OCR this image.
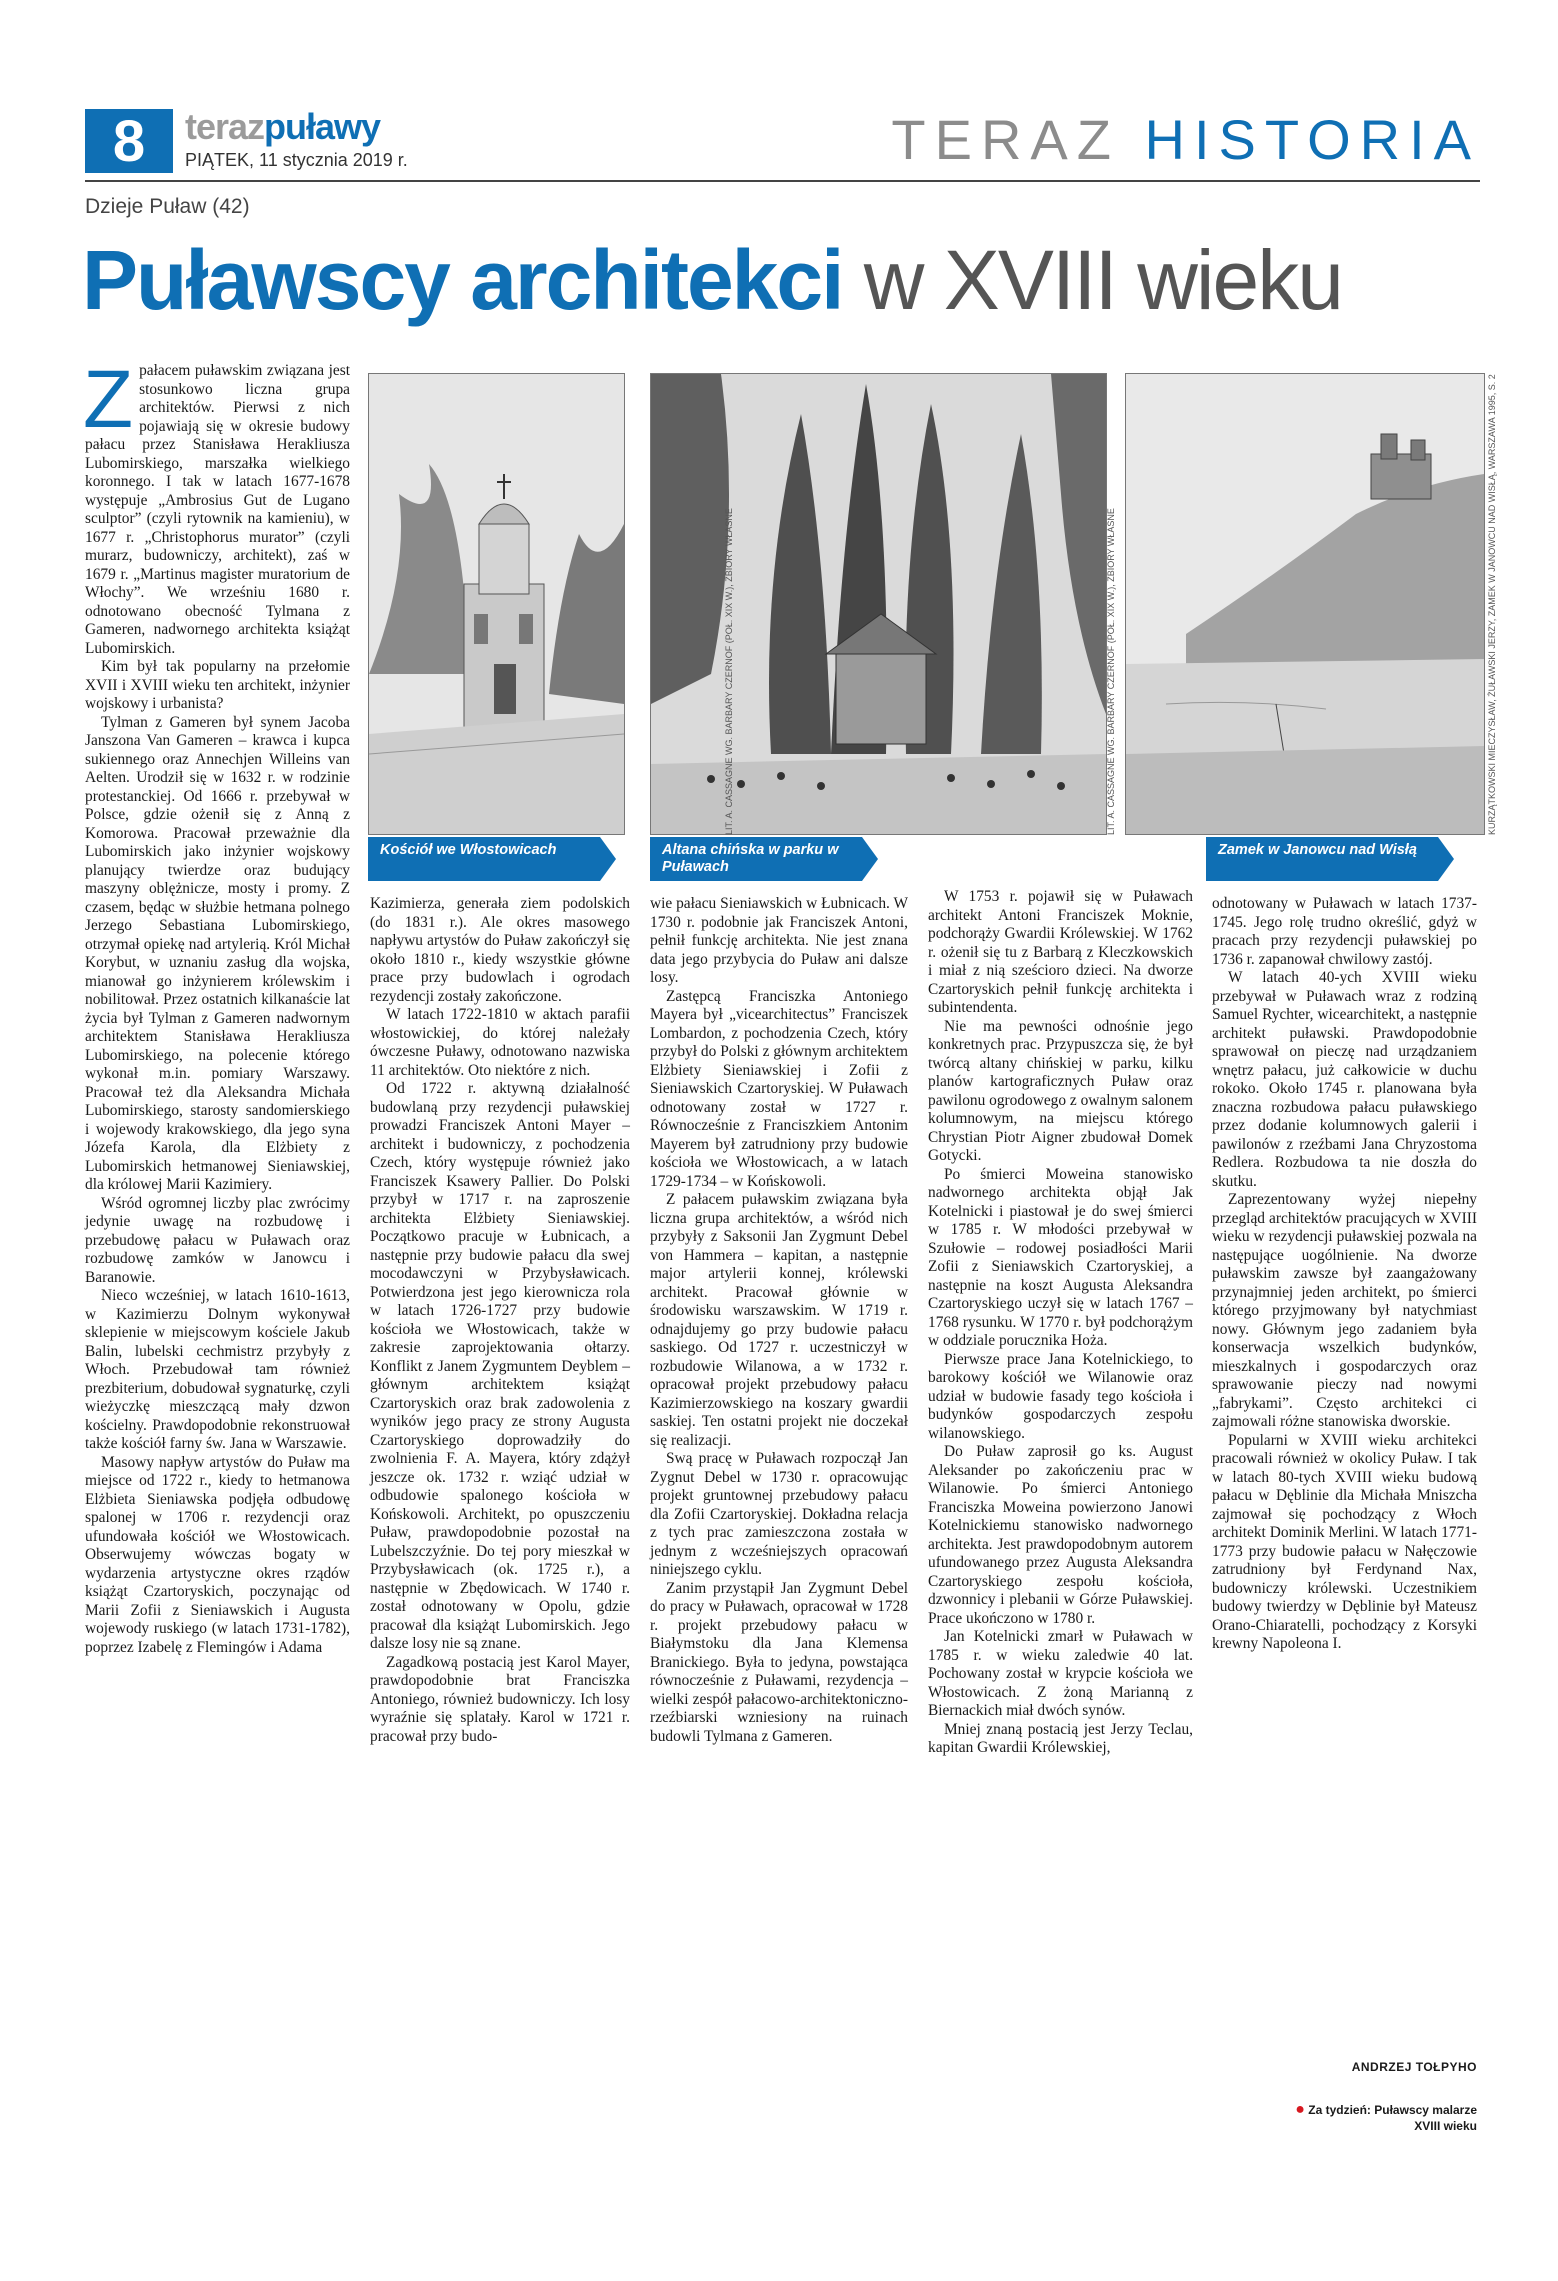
8	terazpuławy
PIĄTEK, 11 stycznia 2019 r.	TERAZ HISTORIA
Dzieje Puław (42)
Puławscy architekci w XVIII wieku
Z pałacem puławskim związana jest stosunkowo liczna grupa architektów. Pierwsi z nich pojawiają się w okresie budowy pałacu przez Stanisława Herakliusza Lubomirskiego, marszałka wielkiego koronnego. I tak w latach 1677-1678 występuje „Ambrosius Gut de Lugano sculptor” (czyli rytownik na kamieniu), w 1677 r. „Christophorus murator” (czyli murarz, budowniczy, architekt), zaś w 1679 r. „Martinus magister muratorium de Włochy”. We wrześniu 1680 r. odnotowano obecność Tylmana z Gameren, nadwornego architekta książąt Lubomirskich.

Kim był tak popularny na przełomie XVII i XVIII wieku ten architekt, inżynier wojskowy i urbanista?

Tylman z Gameren był synem Jacoba Janszona Van Gameren – krawca i kupca sukiennego oraz Annechjen Willeins van Aelten. Urodził się w 1632 r. w rodzinie protestanckiej. Od 1666 r. przebywał w Polsce, gdzie ożenił się z Anną z Komorowa. Pracował przeważnie dla Lubomirskich jako inżynier wojskowy planujący twierdze oraz budujący maszyny oblężnicze, mosty i promy. Z czasem, będąc w służbie hetmana polnego Jerzego Sebastiana Lubomirskiego, otrzymał opiekę nad artylerią. Król Michał Korybut, w uznaniu zasług dla wojska, mianował go inżynierem królewskim i nobilitował. Przez ostatnich kilkanaście lat życia był Tylman z Gameren nadwornym architektem Stanisława Herakliusza Lubomirskiego, na polecenie którego wykonał m.in. pomiary Warszawy. Pracował też dla Aleksandra Michała Lubomirskiego, starosty sandomierskiego i wojewody krakowskiego, dla jego syna Józefa Karola, dla Elżbiety z Lubomirskich hetmanowej Sieniawskiej, dla królowej Marii Kazimiery.

Wśród ogromnej liczby plac zwrócimy jedynie uwagę na rozbudowę i przebudowę pałacu w Puławach oraz rozbudowę zamków w Janowcu i Baranowie.

Nieco wcześniej, w latach 1610-1613, w Kazimierzu Dolnym wykonywał sklepienie w miejscowym kościele Jakub Balin, lubelski cechmistrz przybyły z Włoch. Przebudował tam również prezbiterium, dobudował sygnaturkę, czyli wieżyczkę mieszczącą mały dzwon kościelny. Prawdopodobnie rekonstruował także kościół farny św. Jana w Warszawie.

Masowy napływ artystów do Puław ma miejsce od 1722 r., kiedy to hetmanowa Elżbieta Sieniawska podjęła odbudowę spalonej w 1706 r. rezydencji oraz ufundowała kościół we Włostowicach. Obserwujemy wówczas bogaty w wydarzenia artystyczne okres rządów książąt Czartoryskich, poczynając od Marii Zofii z Sieniawskich i Augusta wojewody ruskiego (w latach 1731-1782), poprzez Izabelę z Flemingów i Adama

Kościół we Włostowicach
LIT. A. CASSAGNE WG. BARBARY CZERNOF (POŁ. XIX W.), ZBIORY WŁASNE
Altana chińska w parku w Puławach
LIT. A. CASSAGNE WG. BARBARY CZERNOF (POŁ. XIX W.), ZBIORY WŁASNE	KURZĄTKOWSKI MIECZYSŁAW, ŻUŁAWSKI JERZY, ZAMEK W JANOWCU NAD WISŁĄ, WARSZAWA 1995, S. 2
Zamek w Janowcu nad Wisłą

Kazimierza, generała ziem podolskich (do 1831 r.). Ale okres masowego napływu artystów do Puław zakończył się około 1810 r., kiedy wszystkie główne prace przy budowlach i ogrodach rezydencji zostały zakończone.

W latach 1722-1810 w aktach parafii włostowickiej, do której należały ówczesne Puławy, odnotowano nazwiska 11 architektów. Oto niektóre z nich.

Od 1722 r. aktywną działalność budowlaną przy rezydencji puławskiej prowadzi Franciszek Antoni Mayer – architekt i budowniczy, z pochodzenia Czech, który występuje również jako Franciszek Ksawery Pallier. Do Polski przybył w 1717 r. na zaproszenie architekta Elżbiety Sieniawskiej. Początkowo pracuje w Łubnicach, a następnie przy budowie pałacu dla swej mocodawczyni w Przybysławicach. Potwierdzona jest jego kierownicza rola w latach 1726-1727 przy budowie kościoła we Włostowicach, także w zakresie zaprojektowania ołtarzy. Konflikt z Janem Zygmuntem Deyblem – głównym architektem książąt Czartoryskich oraz brak zadowolenia z wyników jego pracy ze strony Augusta Czartoryskiego doprowadziły do zwolnienia F. A. Mayera, który zdążył jeszcze ok. 1732 r. wziąć udział w odbudowie spalonego kościoła w Końskowoli. Architekt, po opuszczeniu Puław, prawdopodobnie pozostał na Lubelszczyźnie. Do tej pory mieszkał w Przybysławicach (ok. 1725 r.), a następnie w Zbędowicach. W 1740 r. został odnotowany w Opolu, gdzie pracował dla książąt Lubomirskich. Jego dalsze losy nie są znane.

Zagadkową postacią jest Karol Mayer, prawdopodobnie brat Franciszka Antoniego, również budowniczy. Ich losy wyraźnie się splatały. Karol w 1721 r. pracował przy budo-

wie pałacu Sieniawskich w Łubnicach. W 1730 r. podobnie jak Franciszek Antoni, pełnił funkcję architekta. Nie jest znana data jego przybycia do Puław ani dalsze losy.

Zastępcą Franciszka Antoniego Mayera był „vicearchitectus” Franciszek Lombardon, z pochodzenia Czech, który przybył do Polski z głównym architektem Elżbiety Sieniawskiej i Zofii z Sieniawskich Czartoryskiej. W Puławach odnotowany został w 1727 r. Równocześnie z Franciszkiem Antonim Mayerem był zatrudniony przy budowie kościoła we Włostowicach, a w latach 1729-1734 – w Końskowoli.

Z pałacem puławskim związana była liczna grupa architektów, a wśród nich przybyły z Saksonii Jan Zygmunt Debel von Hammera – kapitan, a następnie major artylerii konnej, królewski architekt. Pracował głównie w środowisku warszawskim. W 1719 r. odnajdujemy go przy budowie pałacu saskiego. Od 1727 r. uczestniczył w rozbudowie Wilanowa, a w 1732 r. opracował projekt przebudowy pałacu Kazimierzowskiego na koszary gwardii saskiej. Ten ostatni projekt nie doczekał się realizacji.

Swą pracę w Puławach rozpoczął Jan Zygnut Debel w 1730 r. opracowując projekt gruntownej przebudowy pałacu dla Zofii Czartoryskiej. Dokładna relacja z tych prac zamieszczona została w jednym z wcześniejszych opracowań niniejszego cyklu.

Zanim przystąpił Jan Zygmunt Debel do pracy w Puławach, opracował w 1728 r. projekt przebudowy pałacu w Białymstoku dla Jana Klemensa Branickiego. Była to jedyna, powstająca równocześnie z Puławami, rezydencja – wielki zespół pałacowo-architektoniczno-rzeźbiarski wzniesiony na ruinach budowli Tylmana z Gameren.

W 1753 r. pojawił się w Puławach architekt Antoni Franciszek Moknie, podchorąży Gwardii Królewskiej. W 1762 r. ożenił się tu z Barbarą z Kleczkowskich i miał z nią sześcioro dzieci. Na dworze Czartoryskich pełnił funkcję architekta i subintendenta.

Nie ma pewności odnośnie jego konkretnych prac. Przypuszcza się, że był twórcą altany chińskiej w parku, kilku planów kartograficznych Puław oraz pawilonu ogrodowego z owalnym salonem kolumnowym, na miejscu którego Chrystian Piotr Aigner zbudował Domek Gotycki.

Po śmierci Moweina stanowisko nadwornego architekta objął Jak Kotelnicki i piastował je do swej śmierci w 1785 r. W młodości przebywał w Szułowie – rodowej posiadłości Marii Zofii z Sieniawskich Czartoryskiej, a następnie na koszt Augusta Aleksandra Czartoryskiego uczył się w latach 1767 – 1768 rysunku. W 1770 r. był podchorążym w oddziale porucznika Hoża.

Pierwsze prace Jana Kotelnickiego, to barokowy kościół we Wilanowie oraz udział w budowie fasady tego kościoła i budynków gospodarczych zespołu wilanowskiego.

Do Puław zaprosił go ks. August Aleksander po zakończeniu prac w Wilanowie. Po śmierci Antoniego Franciszka Moweina powierzono Janowi Kotelnickiemu stanowisko nadwornego architekta. Jest prawdopodobnym autorem ufundowanego przez Augusta Aleksandra Czartoryskiego zespołu kościoła, dzwonnicy i plebanii w Górze Puławskiej. Prace ukończono w 1780 r.

Jan Kotelnicki zmarł w Puławach w 1785 r. w wieku zaledwie 40 lat. Pochowany został w krypcie kościoła we Włostowicach. Z żoną Marianną z Biernackich miał dwóch synów.

Mniej znaną postacią jest Jerzy Teclau, kapitan Gwardii Królewskiej,

odnotowany w Puławach w latach 1737-1745. Jego rolę trudno określić, gdyż w pracach przy rezydencji puławskiej po 1736 r. zapanował chwilowy zastój.

W latach 40-ych XVIII wieku przebywał w Puławach wraz z rodziną Samuel Rychter, wicearchitekt, a następnie architekt puławski. Prawdopodobnie sprawował on pieczę nad urządzaniem wnętrz pałacu, już całkowicie w duchu rokoko. Około 1745 r. planowana była znaczna rozbudowa pałacu puławskiego przez dodanie kolumnowych galerii i pawilonów z rzeźbami Jana Chryzostoma Redlera. Rozbudowa ta nie doszła do skutku.

Zaprezentowany wyżej niepełny przegląd architektów pracujących w XVIII wieku w rezydencji puławskiej pozwala na następujące uogólnienie. Na dworze puławskim zawsze był zaangażowany przynajmniej jeden architekt, po śmierci którego przyjmowany był natychmiast nowy. Głównym jego zadaniem była konserwacja wszelkich budynków, mieszkalnych i gospodarczych oraz sprawowanie pieczy nad nowymi „fabrykami”. Często architekci ci zajmowali różne stanowiska dworskie.

Popularni w XVIII wieku architekci pracowali również w okolicy Puław. I tak w latach 80-tych XVIII wieku budową pałacu w Dęblinie dla Michała Mniszcha zajmował się pochodzący z Włoch architekt Dominik Merlini. W latach 1771-1773 przy budowie pałacu w Nałęczowie zatrudniony był Ferdynand Nax, budowniczy królewski. Uczestnikiem budowy twierdzy w Dęblinie był Mateusz Orano-Chiaratelli, pochodzący z Korsyki krewny Napoleona I.

ANDRZEJ TOŁPYHO
● Za tydzień: Puławscy malarze
XVIII wieku
